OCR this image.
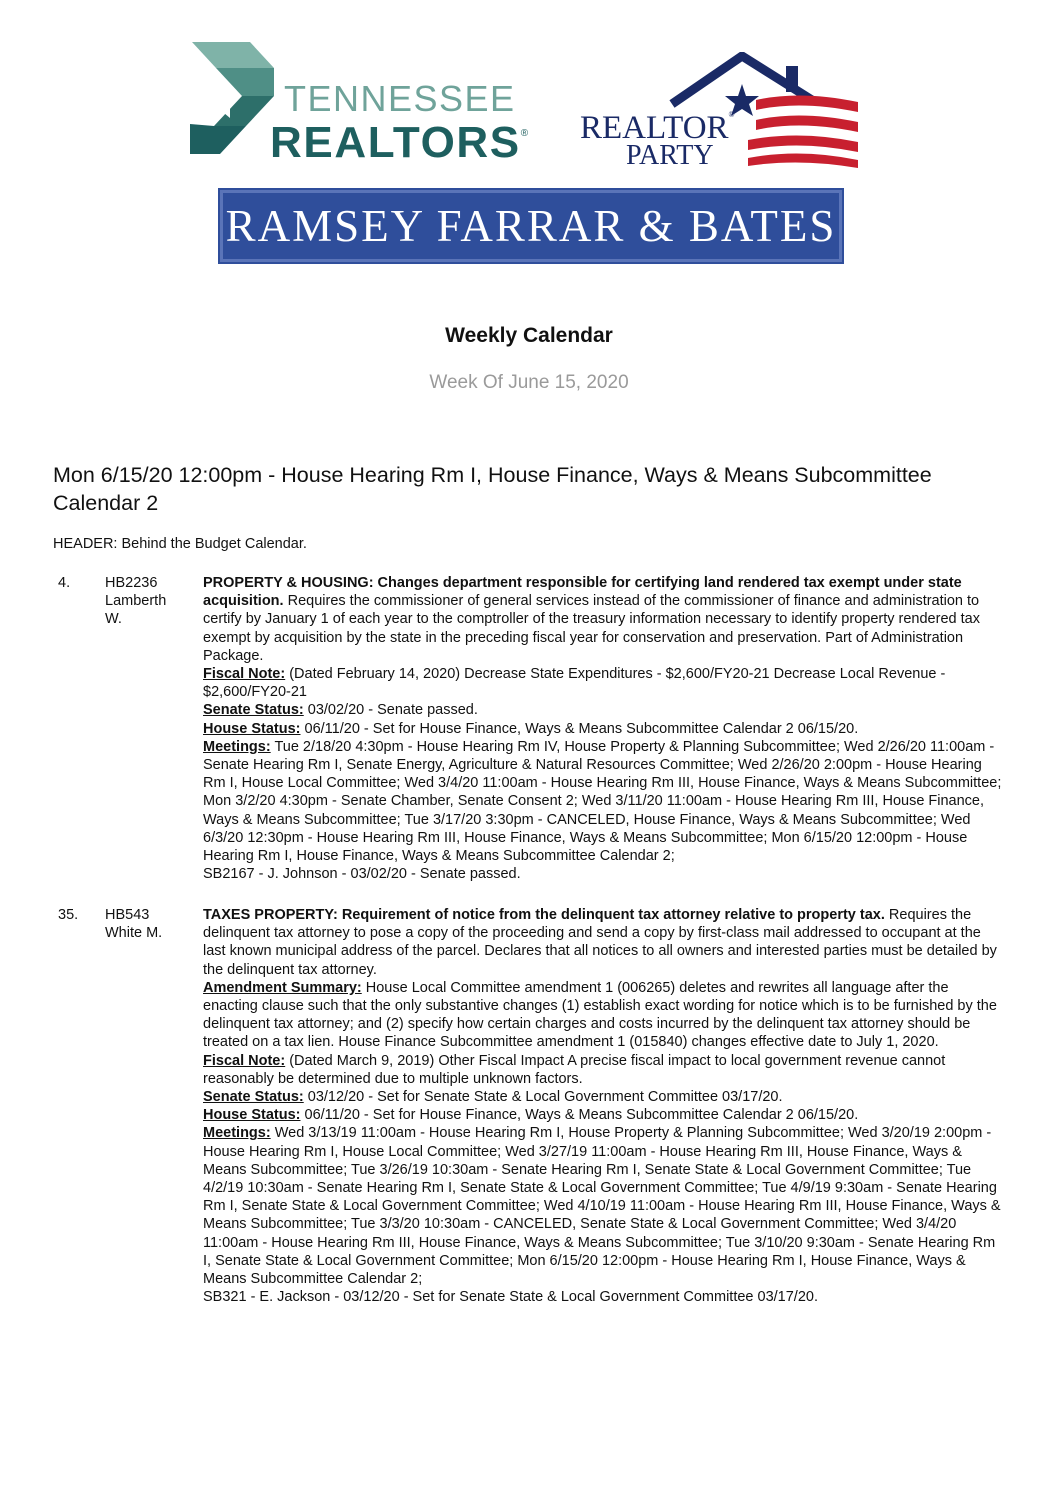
TENNESSEE
REALTORS® REALTOR®
PARTY
RAMSEY FARRAR & BATES
Weekly Calendar
Week Of June 15, 2020
Mon 6/15/20 12:00pm - House Hearing Rm I, House Finance, Ways & Means Subcommittee Calendar 2
HEADER: Behind the Budget Calendar.
4.	HB2236
Lamberth W.

PROPERTY & HOUSING: Changes department responsible for certifying land rendered tax exempt under state acquisition. Requires the commissioner of general services instead of the commissioner of finance and administration to certify by January 1 of each year to the comptroller of the treasury information necessary to identify property rendered tax exempt by acquisition by the state in the preceding fiscal year for conservation and preservation. Part of Administration Package.

Fiscal Note: (Dated February 14, 2020) Decrease State Expenditures - $2,600/FY20-21 Decrease Local Revenue - $2,600/FY20-21

Senate Status: 03/02/20 - Senate passed.

House Status: 06/11/20 - Set for House Finance, Ways & Means Subcommittee Calendar 2 06/15/20.

Meetings: Tue 2/18/20 4:30pm - House Hearing Rm IV, House Property & Planning Subcommittee; Wed 2/26/20 11:00am - Senate Hearing Rm I, Senate Energy, Agriculture & Natural Resources Committee; Wed 2/26/20 2:00pm - House Hearing Rm I, House Local Committee; Wed 3/4/20 11:00am - House Hearing Rm III, House Finance, Ways & Means Subcommittee; Mon 3/2/20 4:30pm - Senate Chamber, Senate Consent 2; Wed 3/11/20 11:00am - House Hearing Rm III, House Finance, Ways & Means Subcommittee; Tue 3/17/20 3:30pm - CANCELED, House Finance, Ways & Means Subcommittee; Wed 6/3/20 12:30pm - House Hearing Rm III, House Finance, Ways & Means Subcommittee; Mon 6/15/20 12:00pm - House Hearing Rm I, House Finance, Ways & Means Subcommittee Calendar 2;

SB2167 - J. Johnson - 03/02/20 - Senate passed.

35.	HB543
White M.

TAXES PROPERTY: Requirement of notice from the delinquent tax attorney relative to property tax. Requires the delinquent tax attorney to pose a copy of the proceeding and send a copy by first-class mail addressed to occupant at the last known municipal address of the parcel. Declares that all notices to all owners and interested parties must be detailed by the delinquent tax attorney.

Amendment Summary: House Local Committee amendment 1 (006265) deletes and rewrites all language after the enacting clause such that the only substantive changes (1) establish exact wording for notice which is to be furnished by the delinquent tax attorney; and (2) specify how certain charges and costs incurred by the delinquent tax attorney should be treated on a tax lien. House Finance Subcommittee amendment 1 (015840) changes effective date to July 1, 2020.

Fiscal Note: (Dated March 9, 2019) Other Fiscal Impact A precise fiscal impact to local government revenue cannot reasonably be determined due to multiple unknown factors.

Senate Status: 03/12/20 - Set for Senate State & Local Government Committee 03/17/20.

House Status: 06/11/20 - Set for House Finance, Ways & Means Subcommittee Calendar 2 06/15/20.

Meetings: Wed 3/13/19 11:00am - House Hearing Rm I, House Property & Planning Subcommittee; Wed 3/20/19 2:00pm - House Hearing Rm I, House Local Committee; Wed 3/27/19 11:00am - House Hearing Rm III, House Finance, Ways & Means Subcommittee; Tue 3/26/19 10:30am - Senate Hearing Rm I, Senate State & Local Government Committee; Tue 4/2/19 10:30am - Senate Hearing Rm I, Senate State & Local Government Committee; Tue 4/9/19 9:30am - Senate Hearing Rm I, Senate State & Local Government Committee; Wed 4/10/19 11:00am - House Hearing Rm III, House Finance, Ways & Means Subcommittee; Tue 3/3/20 10:30am - CANCELED, Senate State & Local Government Committee; Wed 3/4/20 11:00am - House Hearing Rm III, House Finance, Ways & Means Subcommittee; Tue 3/10/20 9:30am - Senate Hearing Rm I, Senate State & Local Government Committee; Mon 6/15/20 12:00pm - House Hearing Rm I, House Finance, Ways & Means Subcommittee Calendar 2;

SB321 - E. Jackson - 03/12/20 - Set for Senate State & Local Government Committee 03/17/20.
